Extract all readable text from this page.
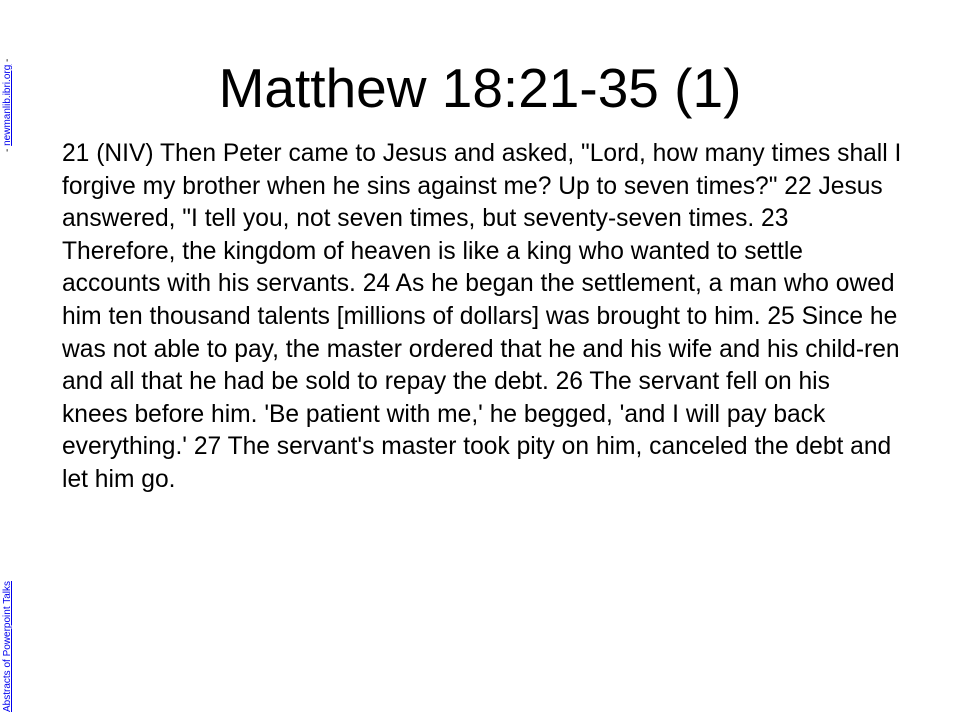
Matthew 18:21-35 (1)

21 (NIV) Then Peter came to Jesus and asked, "Lord, how many times shall I forgive my brother when he sins against me? Up to seven times?" 22 Jesus answered, "I tell you, not seven times, but seventy-seven times. 23 Therefore, the kingdom of heaven is like a king who wanted to settle accounts with his servants. 24 As he began the settlement, a man who owed him ten thousand talents [millions of dollars] was brought to him. 25 Since he was not able to pay, the master ordered that he and his wife and his child-ren and all that he had be sold to repay the debt. 26 The servant fell on his knees before him. 'Be patient with me,' he begged, 'and I will pay back everything.' 27 The servant's master took pity on him, canceled the debt and let him go.

Abstracts of Powerpoint Talks
- newmanlib.ibri.org -
